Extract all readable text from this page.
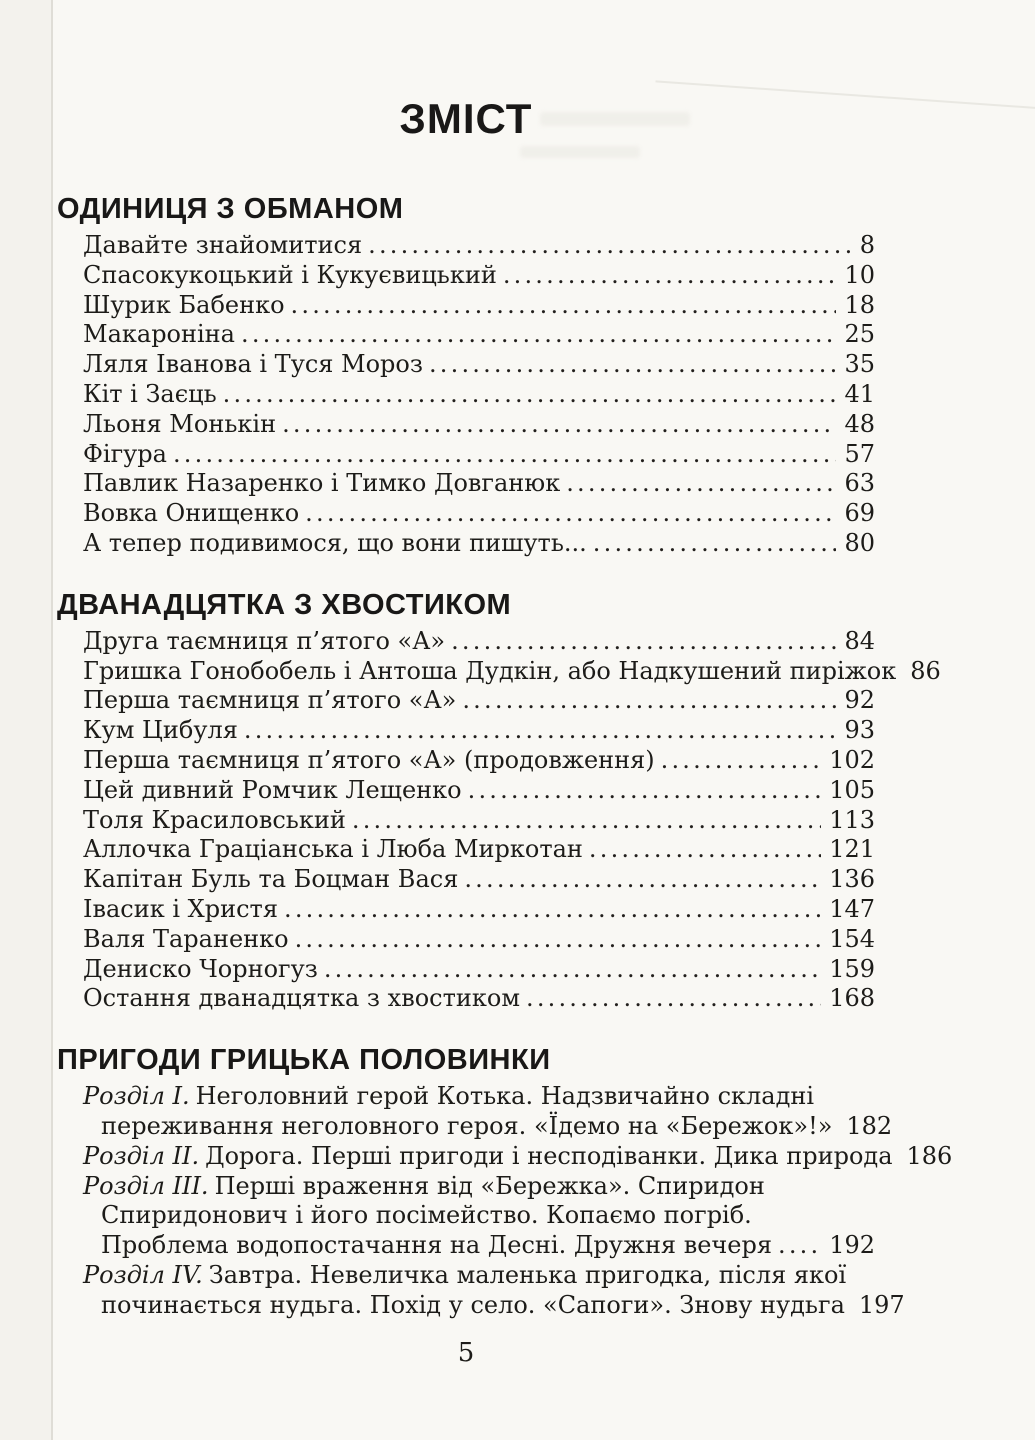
ЗМІСТ
ОДИНИЦЯ З ОБМАНОМ
Давайте знайомитися .....	8
Спасокукоцький і Кукуєвицький .....	10
Шурик Бабенко .....	18
Макароніна .....	25
Ляля Іванова і Туся Мороз .....	35
Кіт і Заєць .....	41
Льоня Монькін .....	48
Фігура .....	57
Павлик Назаренко і Тимко Довганюк .....	63
Вовка Онищенко .....	69
А тепер подивимося, що вони пишуть... .....	80
ДВАНАДЦЯТКА З ХВОСТИКОМ
Друга таємниця п’ятого «А» .....	84
Гришка Гонобобель і Антоша Дудкін, або Надкушений пиріжок 86
Перша таємниця п’ятого «А» .....	92
Кум Цибуля .....	93
Перша таємниця п’ятого «А» (продовження) .....	102
Цей дивний Ромчик Лещенко .....	105
Толя Красиловський .....	113
Аллочка Граціанська і Люба Миркотан .....	121
Капітан Буль та Боцман Вася .....	136
Івасик і Христя .....	147
Валя Тараненко .....	154
Дениско Чорногуз .....	159
Остання дванадцятка з хвостиком .....	168
ПРИГОДИ ГРИЦЬКА ПОЛОВИНКИ
Розділ I. Неголовний герой Котька. Надзвичайно складні
переживання неголовного героя. «Їдемо на «Бережок»!» 182
Розділ II. Дорога. Перші пригоди і несподіванки. Дика природа 186
Розділ III. Перші враження від «Бережка». Спиридон
Спиридонович і його посімейство. Копаємо погріб.
Проблема водопостачання на Десні. Дружня вечеря ..... 192
Розділ IV. Завтра. Невеличка маленька пригодка, після якої
починається нудьга. Похід у село. «Сапоги». Знову нудьга 197
5
